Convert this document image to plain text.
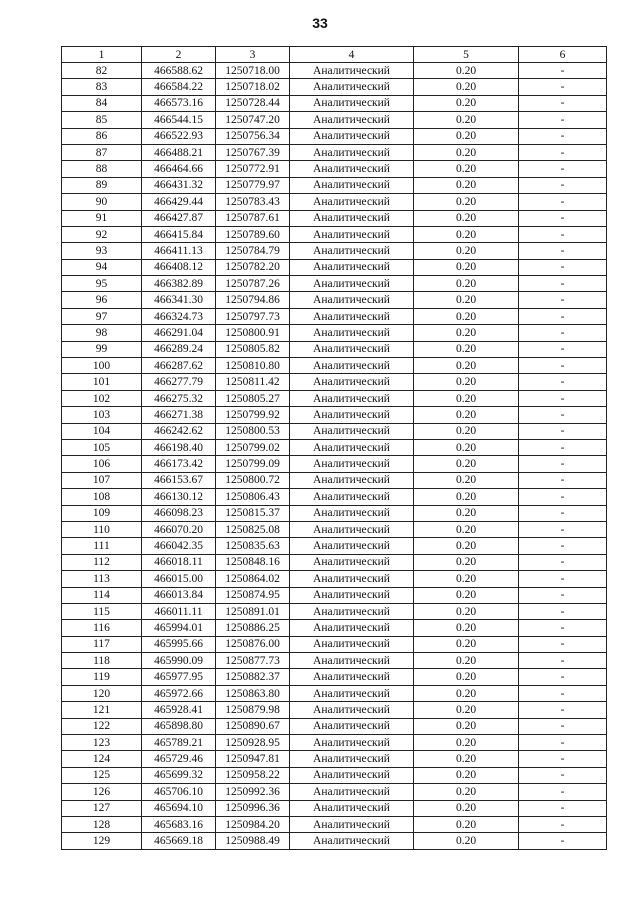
33
1	2	3	4	5	6
82	466588.62	1250718.00	Аналитический	0.20	-
83	466584.22	1250718.02	Аналитический	0.20	-
84	466573.16	1250728.44	Аналитический	0.20	-
85	466544.15	1250747.20	Аналитический	0.20	-
86	466522.93	1250756.34	Аналитический	0.20	-
87	466488.21	1250767.39	Аналитический	0.20	-
88	466464.66	1250772.91	Аналитический	0.20	-
89	466431.32	1250779.97	Аналитический	0.20	-
90	466429.44	1250783.43	Аналитический	0.20	-
91	466427.87	1250787.61	Аналитический	0.20	-
92	466415.84	1250789.60	Аналитический	0.20	-
93	466411.13	1250784.79	Аналитический	0.20	-
94	466408.12	1250782.20	Аналитический	0.20	-
95	466382.89	1250787.26	Аналитический	0.20	-
96	466341.30	1250794.86	Аналитический	0.20	-
97	466324.73	1250797.73	Аналитический	0.20	-
98	466291.04	1250800.91	Аналитический	0.20	-
99	466289.24	1250805.82	Аналитический	0.20	-
100	466287.62	1250810.80	Аналитический	0.20	-
101	466277.79	1250811.42	Аналитический	0.20	-
102	466275.32	1250805.27	Аналитический	0.20	-
103	466271.38	1250799.92	Аналитический	0.20	-
104	466242.62	1250800.53	Аналитический	0.20	-
105	466198.40	1250799.02	Аналитический	0.20	-
106	466173.42	1250799.09	Аналитический	0.20	-
107	466153.67	1250800.72	Аналитический	0.20	-
108	466130.12	1250806.43	Аналитический	0.20	-
109	466098.23	1250815.37	Аналитический	0.20	-
110	466070.20	1250825.08	Аналитический	0.20	-
111	466042.35	1250835.63	Аналитический	0.20	-
112	466018.11	1250848.16	Аналитический	0.20	-
113	466015.00	1250864.02	Аналитический	0.20	-
114	466013.84	1250874.95	Аналитический	0.20	-
115	466011.11	1250891.01	Аналитический	0.20	-
116	465994.01	1250886.25	Аналитический	0.20	-
117	465995.66	1250876.00	Аналитический	0.20	-
118	465990.09	1250877.73	Аналитический	0.20	-
119	465977.95	1250882.37	Аналитический	0.20	-
120	465972.66	1250863.80	Аналитический	0.20	-
121	465928.41	1250879.98	Аналитический	0.20	-
122	465898.80	1250890.67	Аналитический	0.20	-
123	465789.21	1250928.95	Аналитический	0.20	-
124	465729.46	1250947.81	Аналитический	0.20	-
125	465699.32	1250958.22	Аналитический	0.20	-
126	465706.10	1250992.36	Аналитический	0.20	-
127	465694.10	1250996.36	Аналитический	0.20	-
128	465683.16	1250984.20	Аналитический	0.20	-
129	465669.18	1250988.49	Аналитический	0.20	-
